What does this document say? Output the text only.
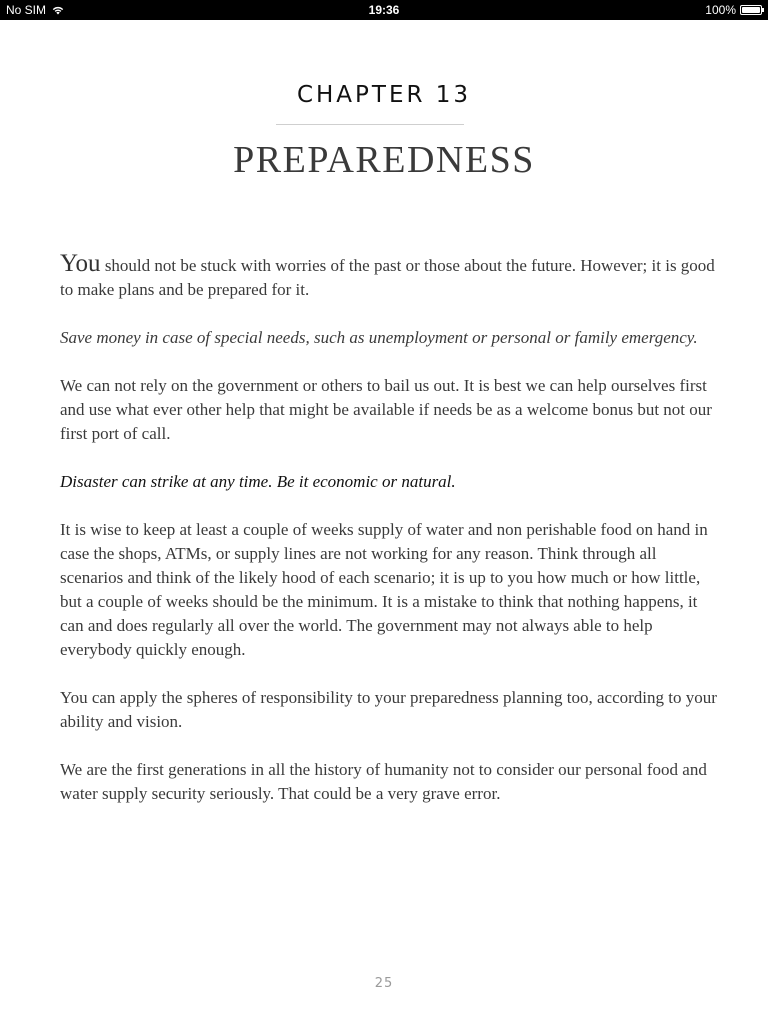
No SIM	19:36	100%
CHAPTER 13
PREPAREDNESS

You should not be stuck with worries of the past or those about the future. However; it is good to make plans and be prepared for it.

Save money in case of special needs, such as unemployment or personal or family emergency.

We can not rely on the government or others to bail us out. It is best we can help ourselves first and use what ever other help that might be available if needs be as a welcome bonus but not our first port of call.

Disaster can strike at any time. Be it economic or natural.

It is wise to keep at least a couple of weeks supply of water and non perishable food on hand in case the shops, ATMs, or supply lines are not working for any reason. Think through all scenarios and think of the likely hood of each scenario; it is up to you how much or how little, but a couple of weeks should be the minimum. It is a mistake to think that nothing happens, it can and does regularly all over the world. The government may not always able to help everybody quickly enough.

You can apply the spheres of responsibility to your preparedness planning too, according to your ability and vision.

We are the first generations in all the history of humanity not to consider our personal food and water supply security seriously. That could be a very grave error.

25
